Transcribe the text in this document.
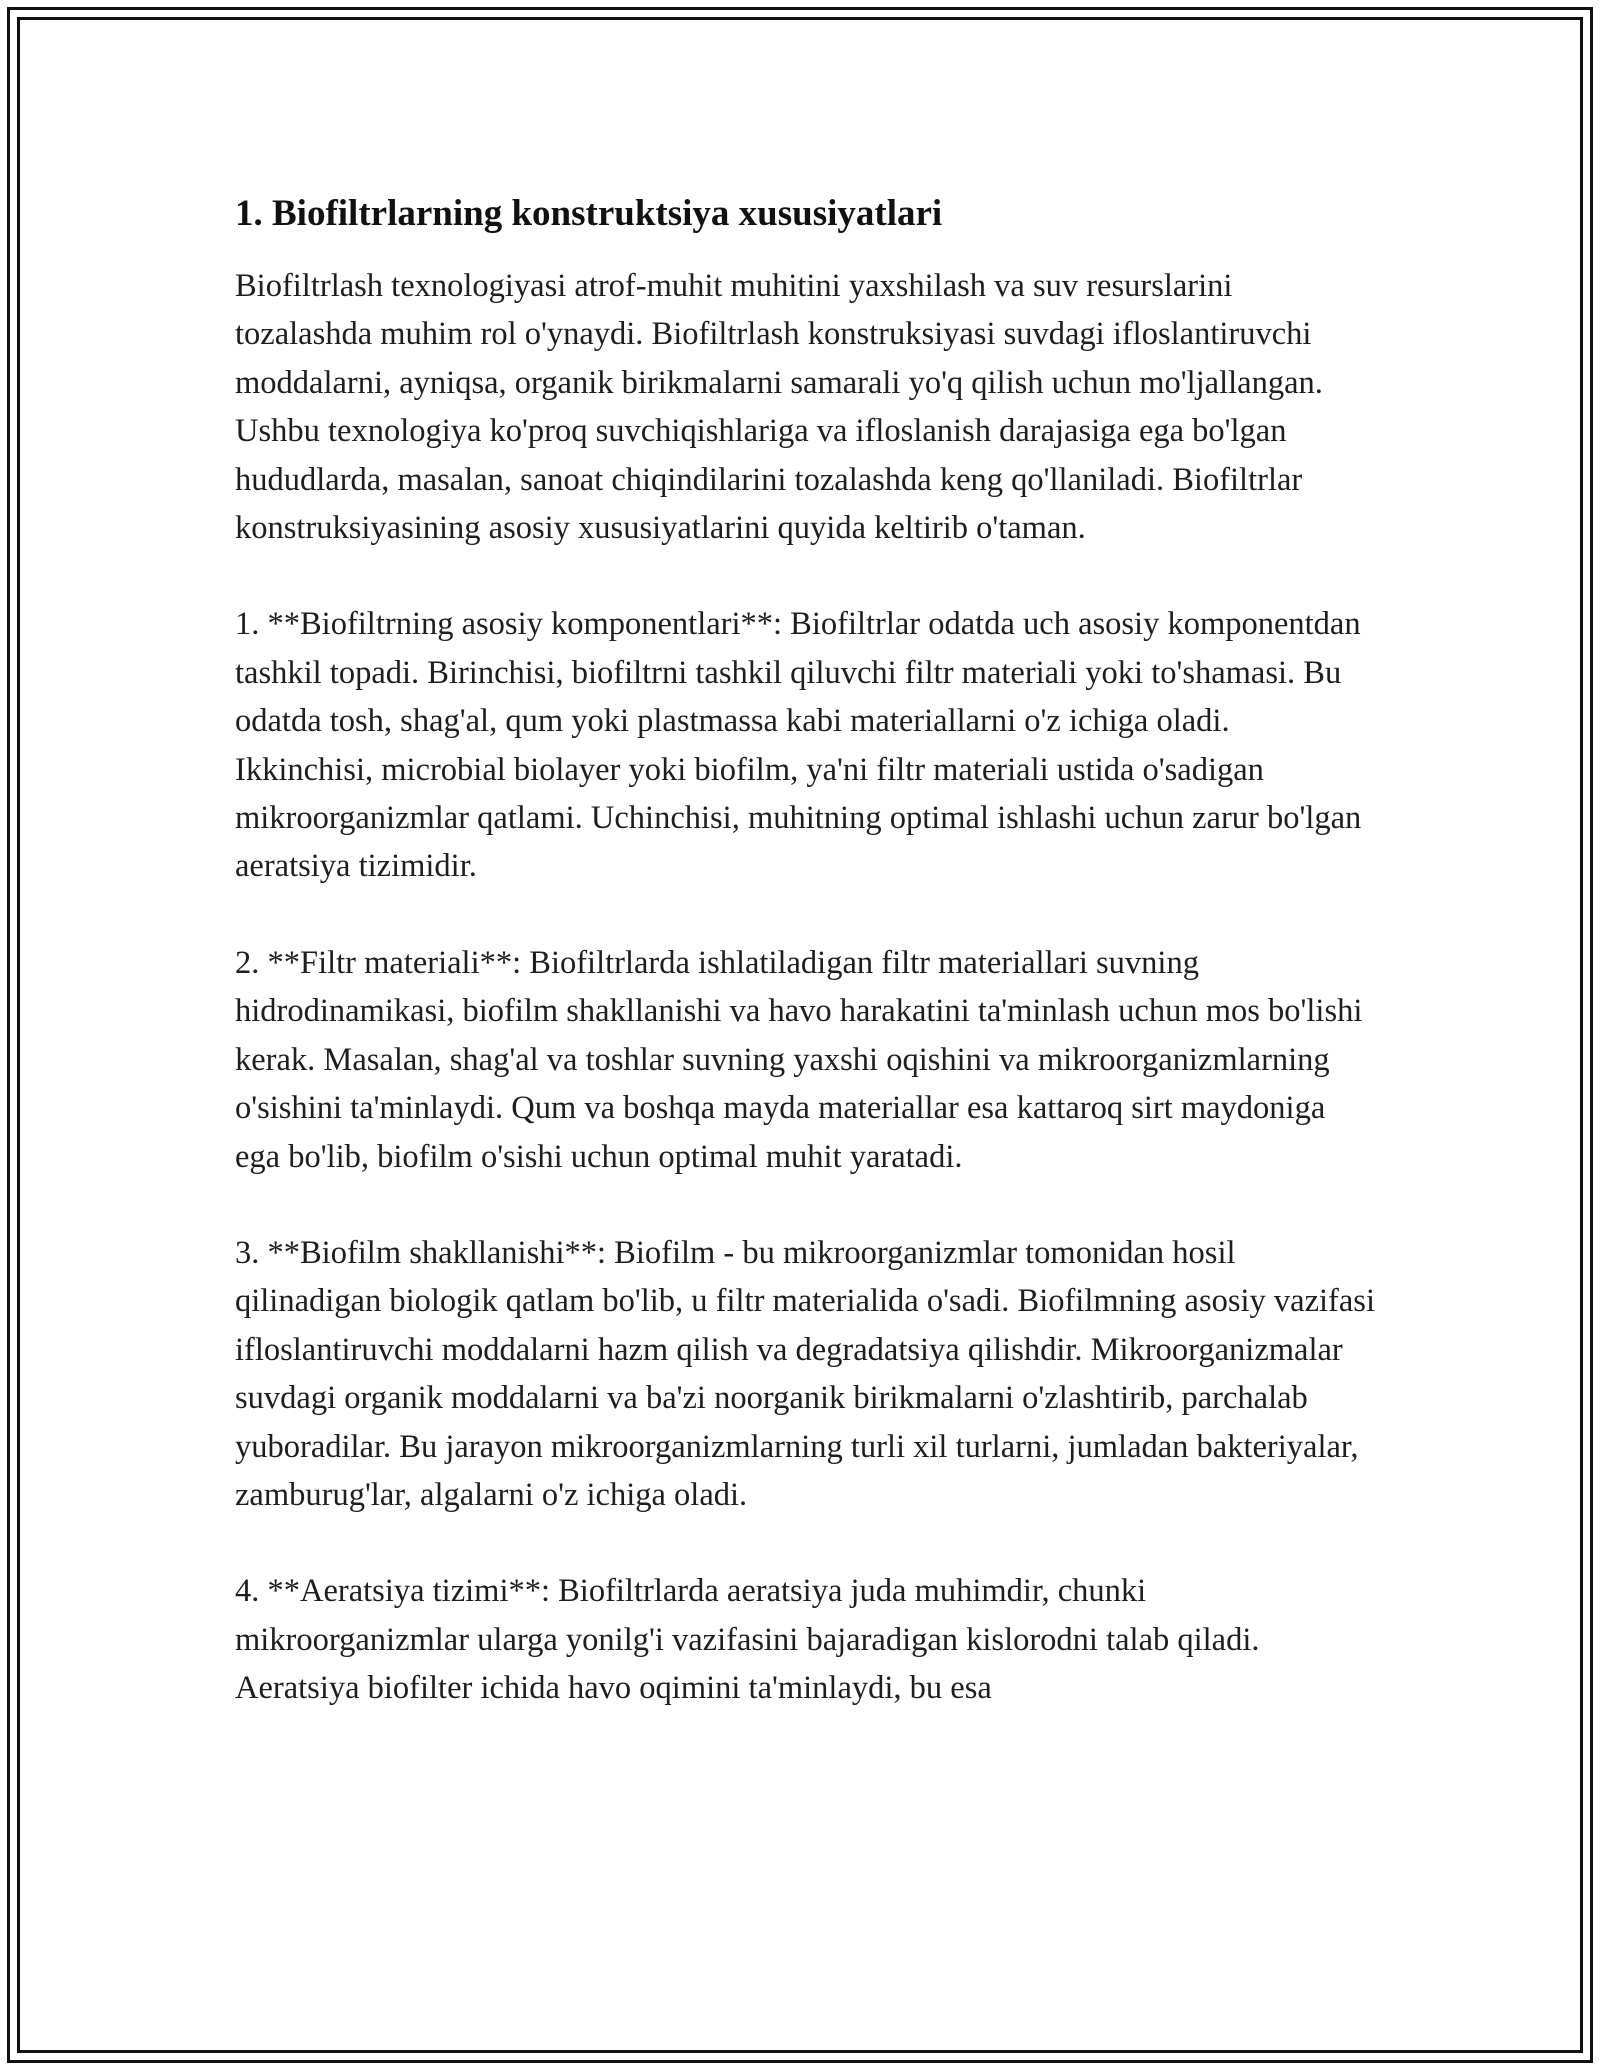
1. Biofiltrlarning konstruktsiya xususiyatlari

Biofiltrlash texnologiyasi atrof-muhit muhitini yaxshilash va suv resurslarini tozalashda muhim rol o'ynaydi. Biofiltrlash konstruksiyasi suvdagi ifloslantiruvchi moddalarni, ayniqsa, organik birikmalarni samarali yo'q qilish uchun mo'ljallangan. Ushbu texnologiya ko'proq suvchiqishlariga va ifloslanish darajasiga ega bo'lgan hududlarda, masalan, sanoat chiqindilarini tozalashda keng qo'llaniladi. Biofiltrlar konstruksiyasining asosiy xususiyatlarini quyida keltirib o'taman.

1. **Biofiltrning asosiy komponentlari**: Biofiltrlar odatda uch asosiy komponentdan tashkil topadi. Birinchisi, biofiltrni tashkil qiluvchi filtr materiali yoki to'shamasi. Bu odatda tosh, shag'al, qum yoki plastmassa kabi materiallarni o'z ichiga oladi. Ikkinchisi, microbial biolayer yoki biofilm, ya'ni filtr materiali ustida o'sadigan mikroorganizmlar qatlami. Uchinchisi, muhitning optimal ishlashi uchun zarur bo'lgan aeratsiya tizimidir.

2. **Filtr materiali**: Biofiltrlarda ishlatiladigan filtr materiallari suvning hidrodinamikasi, biofilm shakllanishi va havo harakatini ta'minlash uchun mos bo'lishi kerak. Masalan, shag'al va toshlar suvning yaxshi oqishini va mikroorganizmlarning o'sishini ta'minlaydi. Qum va boshqa mayda materiallar esa kattaroq sirt maydoniga ega bo'lib, biofilm o'sishi uchun optimal muhit yaratadi.

3. **Biofilm shakllanishi**: Biofilm - bu mikroorganizmlar tomonidan hosil qilinadigan biologik qatlam bo'lib, u filtr materialida o'sadi. Biofilmning asosiy vazifasi ifloslantiruvchi moddalarni hazm qilish va degradatsiya qilishdir. Mikroorganizmalar suvdagi organik moddalarni va ba'zi noorganik birikmalarni o'zlashtirib, parchalab yuboradilar. Bu jarayon mikroorganizmlarning turli xil turlarni, jumladan bakteriyalar, zamburug'lar, algalarni o'z ichiga oladi.

4. **Aeratsiya tizimi**: Biofiltrlarda aeratsiya juda muhimdir, chunki mikroorganizmlar ularga yonilg'i vazifasini bajaradigan kislorodni talab qiladi. Aeratsiya biofilter ichida havo oqimini ta'minlaydi, bu esa
